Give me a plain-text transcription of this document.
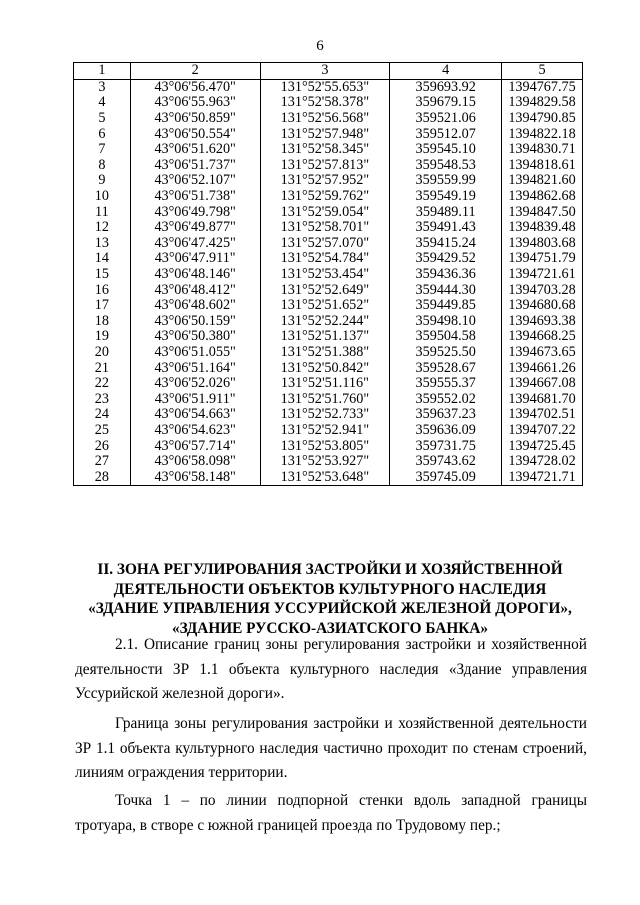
6
1	2	3	4	5
3	43°06'56.470"	131°52'55.653"	359693.92	1394767.75
4	43°06'55.963"	131°52'58.378"	359679.15	1394829.58
5	43°06'50.859"	131°52'56.568"	359521.06	1394790.85
6	43°06'50.554"	131°52'57.948"	359512.07	1394822.18
7	43°06'51.620"	131°52'58.345"	359545.10	1394830.71
8	43°06'51.737"	131°52'57.813"	359548.53	1394818.61
9	43°06'52.107"	131°52'57.952"	359559.99	1394821.60
10	43°06'51.738"	131°52'59.762"	359549.19	1394862.68
11	43°06'49.798"	131°52'59.054"	359489.11	1394847.50
12	43°06'49.877"	131°52'58.701"	359491.43	1394839.48
13	43°06'47.425"	131°52'57.070"	359415.24	1394803.68
14	43°06'47.911"	131°52'54.784"	359429.52	1394751.79
15	43°06'48.146"	131°52'53.454"	359436.36	1394721.61
16	43°06'48.412"	131°52'52.649"	359444.30	1394703.28
17	43°06'48.602"	131°52'51.652"	359449.85	1394680.68
18	43°06'50.159"	131°52'52.244"	359498.10	1394693.38
19	43°06'50.380"	131°52'51.137"	359504.58	1394668.25
20	43°06'51.055"	131°52'51.388"	359525.50	1394673.65
21	43°06'51.164"	131°52'50.842"	359528.67	1394661.26
22	43°06'52.026"	131°52'51.116"	359555.37	1394667.08
23	43°06'51.911"	131°52'51.760"	359552.02	1394681.70
24	43°06'54.663"	131°52'52.733"	359637.23	1394702.51
25	43°06'54.623"	131°52'52.941"	359636.09	1394707.22
26	43°06'57.714"	131°52'53.805"	359731.75	1394725.45
27	43°06'58.098"	131°52'53.927"	359743.62	1394728.02
28	43°06'58.148"	131°52'53.648"	359745.09	1394721.71
II. ЗОНА РЕГУЛИРОВАНИЯ ЗАСТРОЙКИ И ХОЗЯЙСТВЕННОЙ
ДЕЯТЕЛЬНОСТИ ОБЪЕКТОВ КУЛЬТУРНОГО НАСЛЕДИЯ
«ЗДАНИЕ УПРАВЛЕНИЯ УССУРИЙСКОЙ ЖЕЛЕЗНОЙ ДОРОГИ»,
«ЗДАНИЕ РУССКО-АЗИАТСКОГО БАНКА»
2.1. Описание границ зоны регулирования застройки и хозяйственной деятельности ЗР 1.1 объекта культурного наследия «Здание управления Уссурийской железной дороги».
Граница зоны регулирования застройки и хозяйственной деятельности ЗР 1.1 объекта культурного наследия частично проходит по стенам строений, линиям ограждения территории.
Точка 1 – по линии подпорной стенки вдоль западной границы тротуара, в створе с южной границей проезда по Трудовому пер.;
